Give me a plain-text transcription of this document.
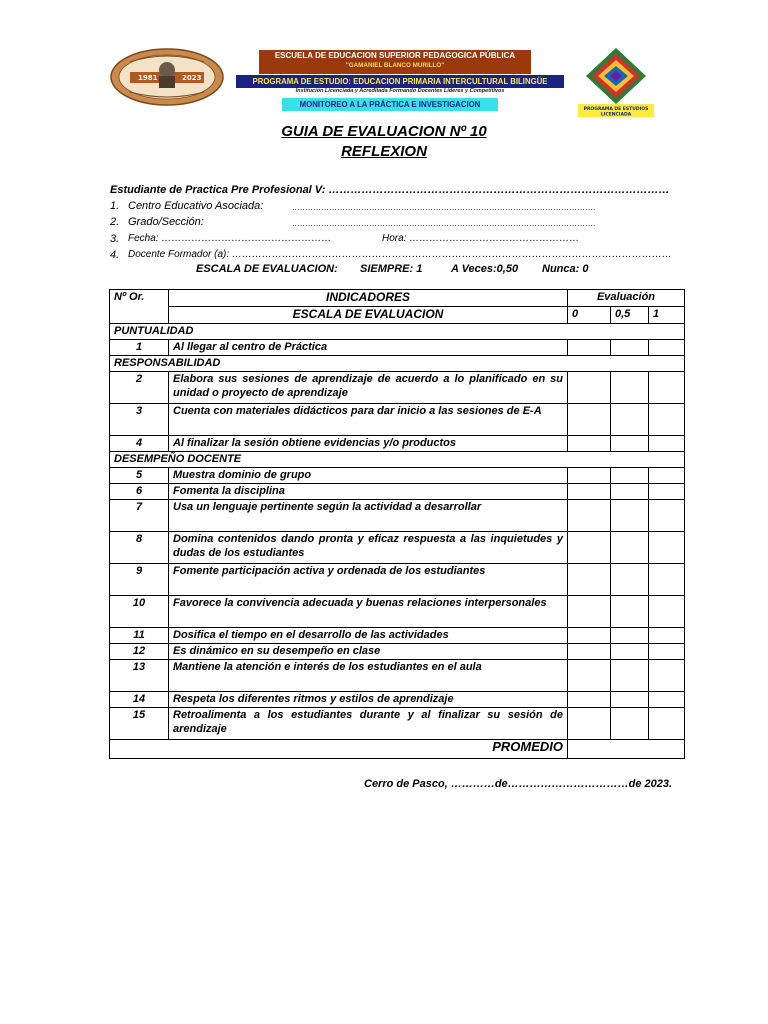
1981	2023
ESCUELA DE EDUCACION SUPERIOR PEDAGOGICA PÚBLICA
"GAMANIEL BLANCO MURILLO"
PROGRAMA DE ESTUDIO: EDUCACION PRIMARIA INTERCULTURAL BILINGÜE
Institución Licenciada y Acreditada Formando Docentes Líderes y Competitivos
MONITOREO A LA PRÁCTICA E INVESTIGACION
PROGRAMA DE ESTUDIOS
LICENCIADA
GUIA DE EVALUACION Nº 10
REFLEXION
Estudiante de Practica Pre Profesional V: …………………………………………………………………………………
1. Centro Educativo Asociada:	……………………………………………………………………………………………………
2. Grado/Sección:	……………………………………………………………………………………………………
3. Fecha: ……………………………………………	Hora: ……………………………………………
4. Docente Formador (a): ……………………………………………………………………………………………………………………
ESCALA DE EVALUACION: SIEMPRE: 1	A Veces:0,50 Nunca: 0
Nº Or.	INDICADORES	Evaluación		
	ESCALA DE EVALUACION	0	0,5	1
PUNTUALIDAD				
1	Al llegar al centro de Práctica			
RESPONSABILIDAD				
2	Elabora sus sesiones de aprendizaje de acuerdo a lo planificado en su unidad o proyecto de aprendizaje			
3	Cuenta con materiales didácticos para dar inicio a las sesiones de E-A			
4	Al finalizar la sesión obtiene evidencias y/o productos			
DESEMPEÑO DOCENTE				
5	Muestra dominio de grupo			
6	Fomenta la disciplina			
7	Usa un lenguaje pertinente según la actividad a desarrollar			
8	Domina contenidos dando pronta y eficaz respuesta a las inquietudes y dudas de los estudiantes			
9	Fomente participación activa y ordenada de los estudiantes			
10	Favorece la convivencia adecuada y buenas relaciones interpersonales			
11	Dosifica el tiempo en el desarrollo de las actividades			
12	Es dinámico en su desempeño en clase			
13	Mantiene la atención e interés de los estudiantes en el aula			
14	Respeta los diferentes ritmos y estilos de aprendizaje			
15	Retroalimenta a los estudiantes durante y al finalizar su sesión de arendizaje			
PROMEDIO				
Cerro de Pasco, …………de……………………………de 2023.
